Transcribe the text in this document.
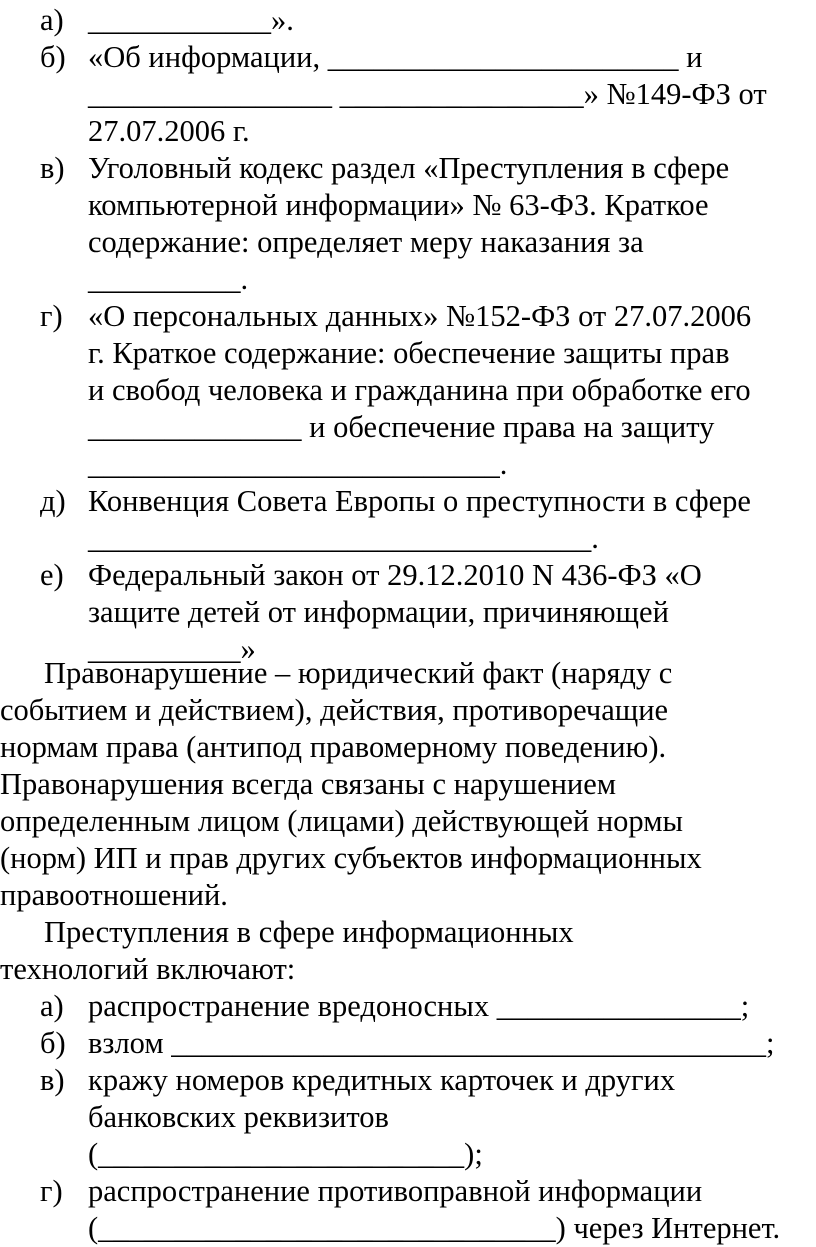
а) ____________».
б) «Об информации, _______________________ и
________________ ________________» №149-ФЗ от
27.07.2006 г.
в) Уголовный кодекс раздел «Преступления в сфере
компьютерной информации» № 63-ФЗ. Краткое
содержание: определяет меру наказания за
__________.
г) «О персональных данных» №152-ФЗ от 27.07.2006
г. Краткое содержание: обеспечение защиты прав
и свобод человека и гражданина при обработке его
______________ и обеспечение права на защиту
___________________________.
д) Конвенция Совета Европы о преступности в сфере
_________________________________.
е) Федеральный закон от 29.12.2010 N 436-ФЗ «О
защите детей от информации, причиняющей
__________»
Правонарушение – юридический факт (наряду с
событием и действием), действия, противоречащие
нормам права (антипод правомерному поведению).
Правонарушения всегда связаны с нарушением
определенным лицом (лицами) действующей нормы
(норм) ИП и прав других субъектов информационных
правоотношений.
Преступления в сфере информационных
технологий включают:
а) распространение вредоносных ________________;
б) взлом _______________________________________;
в) кражу номеров кредитных карточек и других
банковских реквизитов
(________________________);
г) распространение противоправной информации
(______________________________) через Интернет.
